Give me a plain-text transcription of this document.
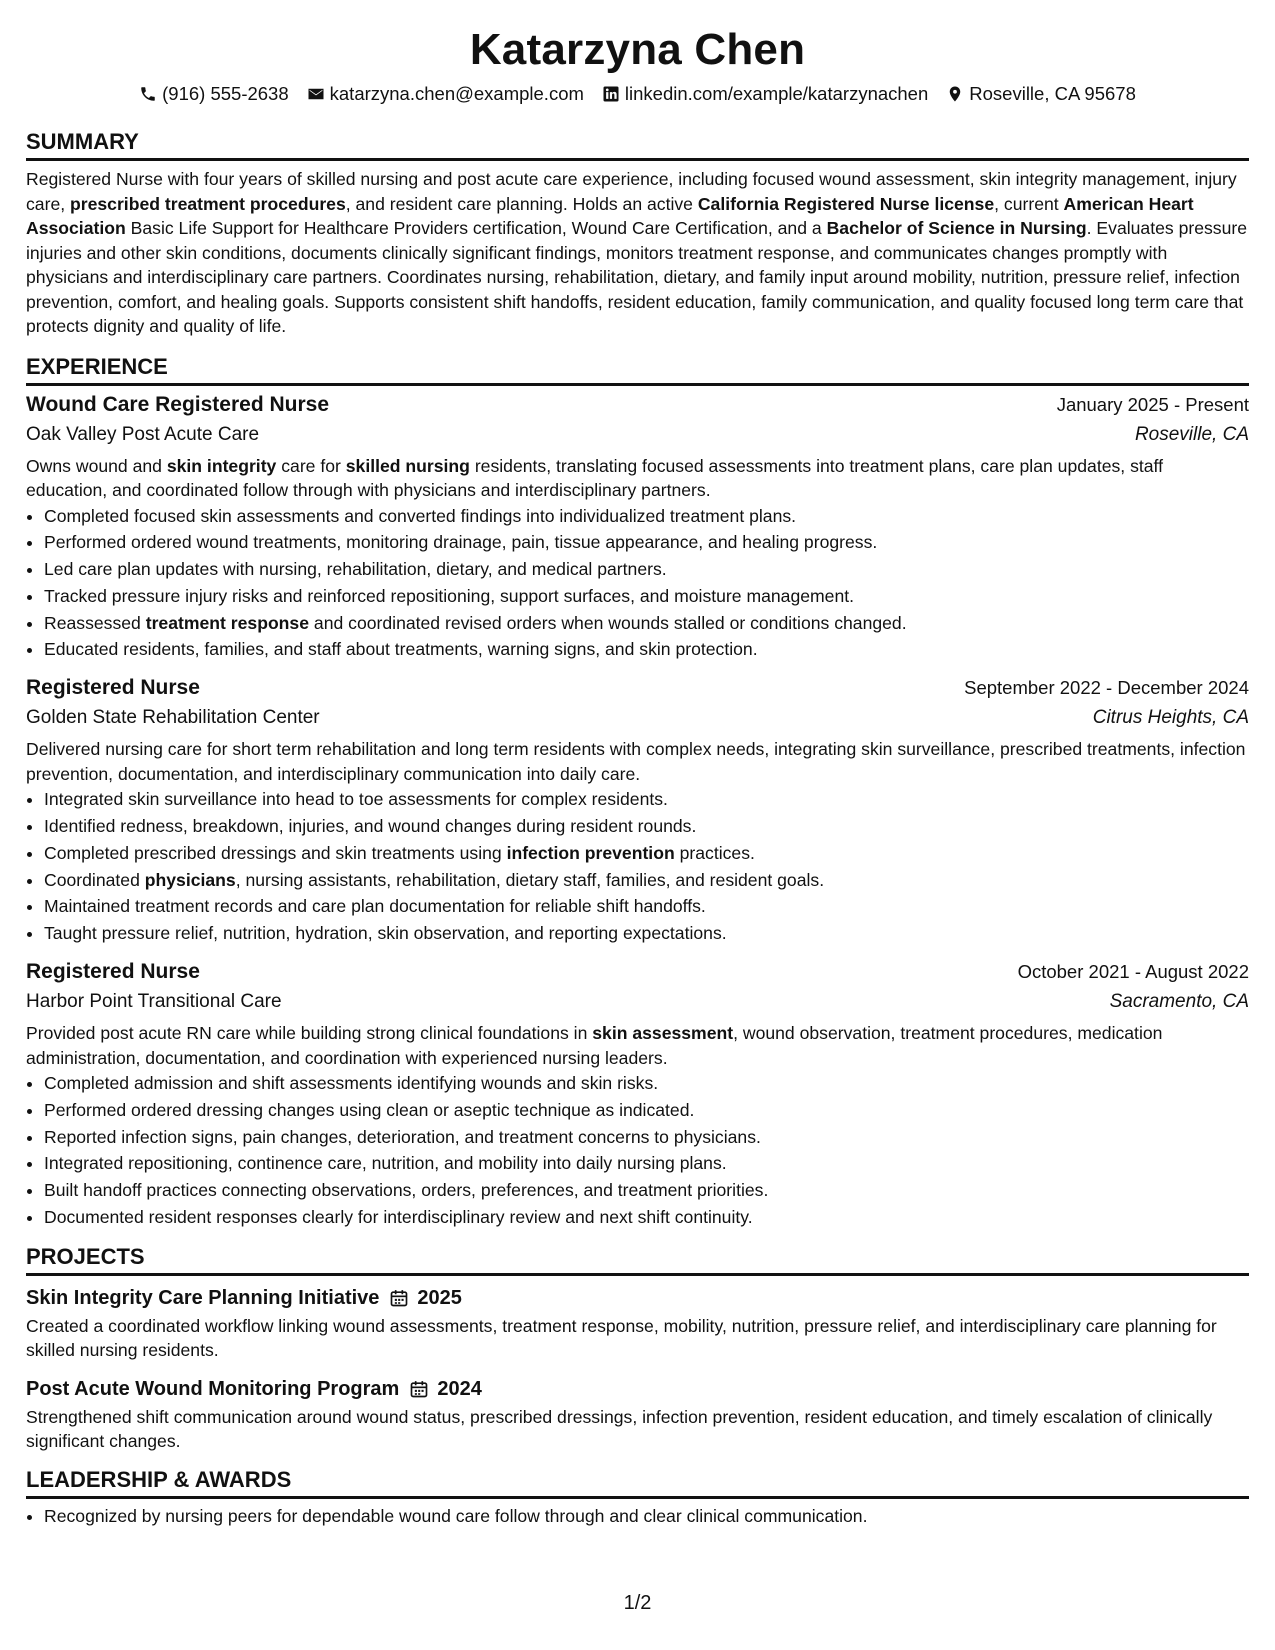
Katarzyna Chen
(916) 555-2638 katarzyna.chen@example.com linkedin.com/example/katarzynachen Roseville, CA 95678
SUMMARY

Registered Nurse with four years of skilled nursing and post acute care experience, including focused wound assessment, skin integrity management, injury care, prescribed treatment procedures, and resident care planning. Holds an active California Registered Nurse license, current American Heart Association Basic Life Support for Healthcare Providers certification, Wound Care Certification, and a Bachelor of Science in Nursing. Evaluates pressure injuries and other skin conditions, documents clinically significant findings, monitors treatment response, and communicates changes promptly with physicians and interdisciplinary care partners. Coordinates nursing, rehabilitation, dietary, and family input around mobility, nutrition, pressure relief, infection prevention, comfort, and healing goals. Supports consistent shift handoffs, resident education, family communication, and quality focused long term care that protects dignity and quality of life.

EXPERIENCE
Wound Care Registered Nurse	January 2025 - Present
Oak Valley Post Acute Care	Roseville, CA

Owns wound and skin integrity care for skilled nursing residents, translating focused assessments into treatment plans, care plan updates, staff education, and coordinated follow through with physicians and interdisciplinary partners.

• Completed focused skin assessments and converted findings into individualized treatment plans.
• Performed ordered wound treatments, monitoring drainage, pain, tissue appearance, and healing progress.
• Led care plan updates with nursing, rehabilitation, dietary, and medical partners.
• Tracked pressure injury risks and reinforced repositioning, support surfaces, and moisture management.
• Reassessed treatment response and coordinated revised orders when wounds stalled or conditions changed.
• Educated residents, families, and staff about treatments, warning signs, and skin protection.
Registered Nurse	September 2022 - December 2024
Golden State Rehabilitation Center	Citrus Heights, CA

Delivered nursing care for short term rehabilitation and long term residents with complex needs, integrating skin surveillance, prescribed treatments, infection prevention, documentation, and interdisciplinary communication into daily care.

• Integrated skin surveillance into head to toe assessments for complex residents.
• Identified redness, breakdown, injuries, and wound changes during resident rounds.
• Completed prescribed dressings and skin treatments using infection prevention practices.
• Coordinated physicians, nursing assistants, rehabilitation, dietary staff, families, and resident goals.
• Maintained treatment records and care plan documentation for reliable shift handoffs.
• Taught pressure relief, nutrition, hydration, skin observation, and reporting expectations.
Registered Nurse	October 2021 - August 2022
Harbor Point Transitional Care	Sacramento, CA

Provided post acute RN care while building strong clinical foundations in skin assessment, wound observation, treatment procedures, medication administration, documentation, and coordination with experienced nursing leaders.

• Completed admission and shift assessments identifying wounds and skin risks.
• Performed ordered dressing changes using clean or aseptic technique as indicated.
• Reported infection signs, pain changes, deterioration, and treatment concerns to physicians.
• Integrated repositioning, continence care, nutrition, and mobility into daily nursing plans.
• Built handoff practices connecting observations, orders, preferences, and treatment priorities.
• Documented resident responses clearly for interdisciplinary review and next shift continuity.
PROJECTS
Skin Integrity Care Planning Initiative 2025

Created a coordinated workflow linking wound assessments, treatment response, mobility, nutrition, pressure relief, and interdisciplinary care planning for skilled nursing residents.

Post Acute Wound Monitoring Program 2024

Strengthened shift communication around wound status, prescribed dressings, infection prevention, resident education, and timely escalation of clinically significant changes.

LEADERSHIP & AWARDS
• Recognized by nursing peers for dependable wound care follow through and clear clinical communication.
1/2
